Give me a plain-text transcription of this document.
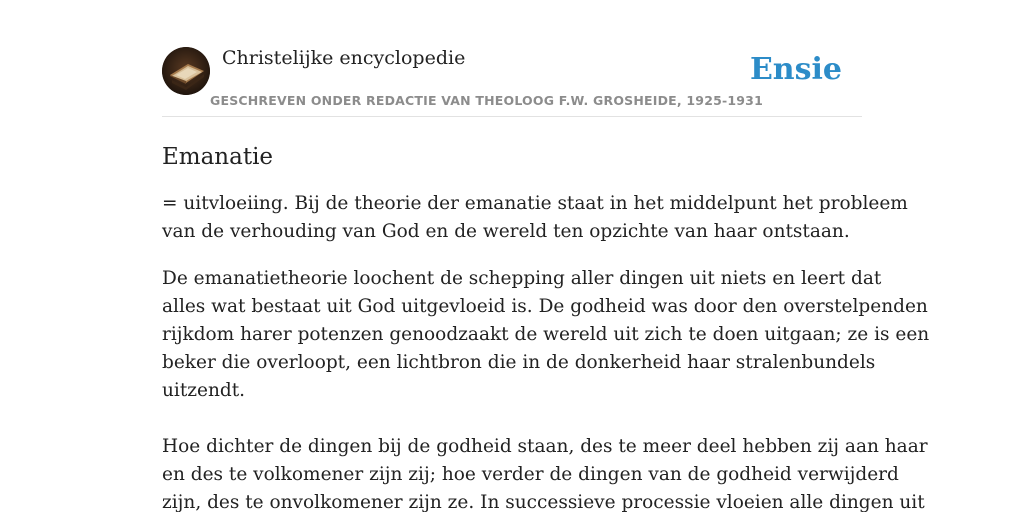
Christelijke encyclopedie
GESCHREVEN ONDER REDACTIE VAN THEOLOOG F.W. GROSHEIDE, 1925-1931
Ensie
Emanatie

= uitvloeiing. Bij de theorie der emanatie staat in het middelpunt het probleem
van de verhouding van God en de wereld ten opzichte van haar ontstaan.

De emanatietheorie loochent de schepping aller dingen uit niets en leert dat
alles wat bestaat uit God uitgevloeid is. De godheid was door den overstelpenden
rijkdom harer potenzen genoodzaakt de wereld uit zich te doen uitgaan; ze is een
beker die overloopt, een lichtbron die in de donkerheid haar stralenbundels
uitzendt.

Hoe dichter de dingen bij de godheid staan, des te meer deel hebben zij aan haar
en des te volkomener zijn zij; hoe verder de dingen van de godheid verwijderd
zijn, des te onvolkomener zijn ze. In successieve processie vloeien alle dingen uit
